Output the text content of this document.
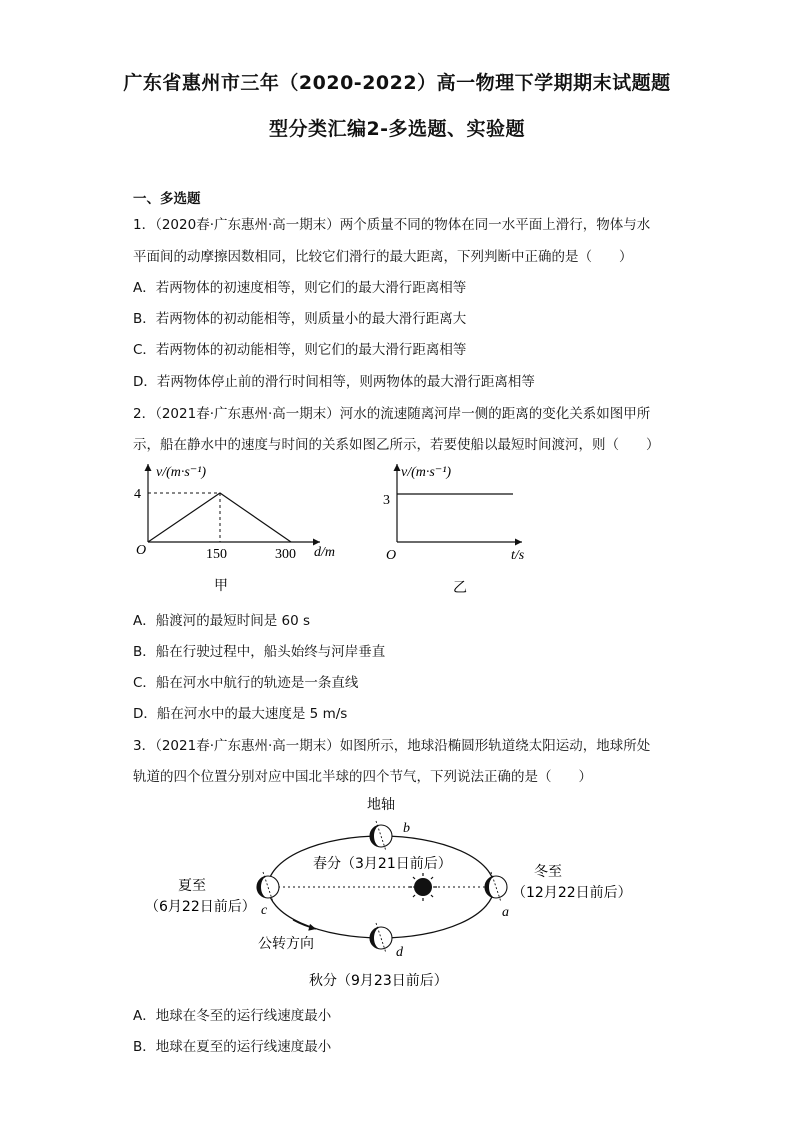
广东省惠州市三年（2020-2022）高一物理下学期期末试题题
型分类汇编2-多选题、实验题

一、多选题

1．（2020春·广东惠州·高一期末）两个质量不同的物体在同一水平面上滑行，物体与水

平面间的动摩擦因数相同，比较它们滑行的最大距离，下列判断中正确的是（　　）

A．若两物体的初速度相等，则它们的最大滑行距离相等

B．若两物体的初动能相等，则质量小的最大滑行距离大

C．若两物体的初动能相等，则它们的最大滑行距离相等

D．若两物体停止前的滑行时间相等，则两物体的最大滑行距离相等

2．（2021春·广东惠州·高一期末）河水的流速随离河岸一侧的距离的变化关系如图甲所

示，船在静水中的速度与时间的关系如图乙所示，若要使船以最短时间渡河，则（　　）

v/(m·s⁻¹)
4
O	150	300 d/m
甲
v/(m·s⁻¹)
3
O	t/s
乙

A．船渡河的最短时间是 60 s

B．船在行驶过程中，船头始终与河岸垂直

C．船在河水中航行的轨迹是一条直线

D．船在河水中的最大速度是 5 m/s

3．（2021春·广东惠州·高一期末）如图所示，地球沿椭圆形轨道绕太阳运动，地球所处

轨道的四个位置分别对应中国北半球的四个节气，下列说法正确的是（　　）

地轴
b
春分（3月21日前后）
夏至
（6月22日前后） c
冬至
（12月22日前后）
a
公转方向
d
秋分（9月23日前后）

A．地球在冬至的运行线速度最小

B．地球在夏至的运行线速度最小
